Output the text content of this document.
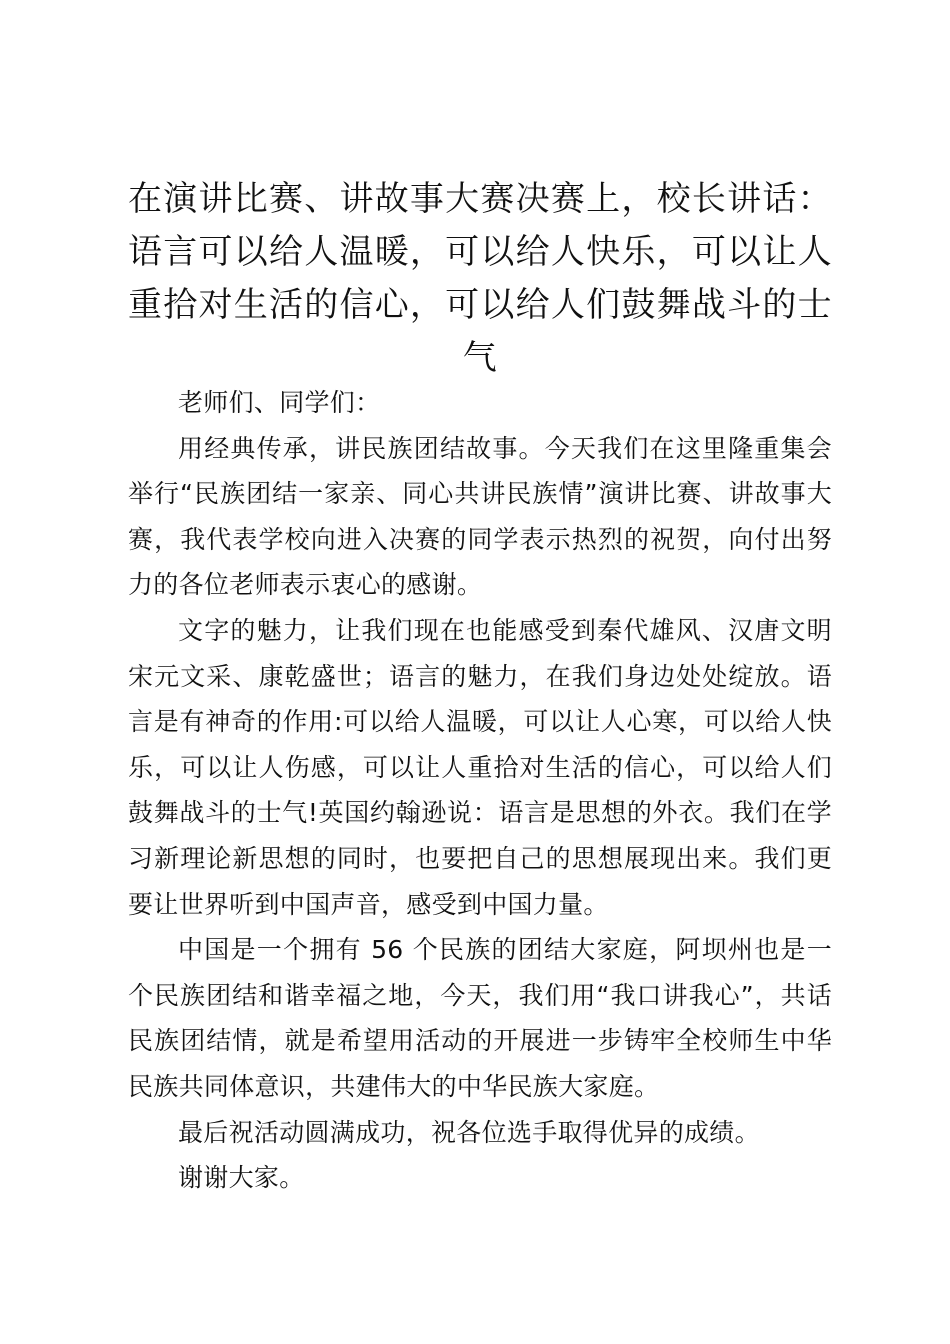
在演讲比赛、讲故事大赛决赛上，校长讲话：语言可以给人温暖，可以给人快乐，可以让人重拾对生活的信心，可以给人们鼓舞战斗的士气

老师们、同学们：

用经典传承，讲民族团结故事。今天我们在这里隆重集会举行“民族团结一家亲、同心共讲民族情”演讲比赛、讲故事大赛，我代表学校向进入决赛的同学表示热烈的祝贺，向付出努力的各位老师表示衷心的感谢。

文字的魅力，让我们现在也能感受到秦代雄风、汉唐文明宋元文采、康乾盛世；语言的魅力，在我们身边处处绽放。语言是有神奇的作用:可以给人温暖，可以让人心寒，可以给人快乐，可以让人伤感，可以让人重拾对生活的信心，可以给人们鼓舞战斗的士气!英国约翰逊说：语言是思想的外衣。我们在学习新理论新思想的同时，也要把自己的思想展现出来。我们更要让世界听到中国声音，感受到中国力量。

中国是一个拥有 56 个民族的团结大家庭，阿坝州也是一个民族团结和谐幸福之地，今天，我们用“我口讲我心”，共话民族团结情，就是希望用活动的开展进一步铸牢全校师生中华民族共同体意识，共建伟大的中华民族大家庭。

最后祝活动圆满成功，祝各位选手取得优异的成绩。

谢谢大家。
